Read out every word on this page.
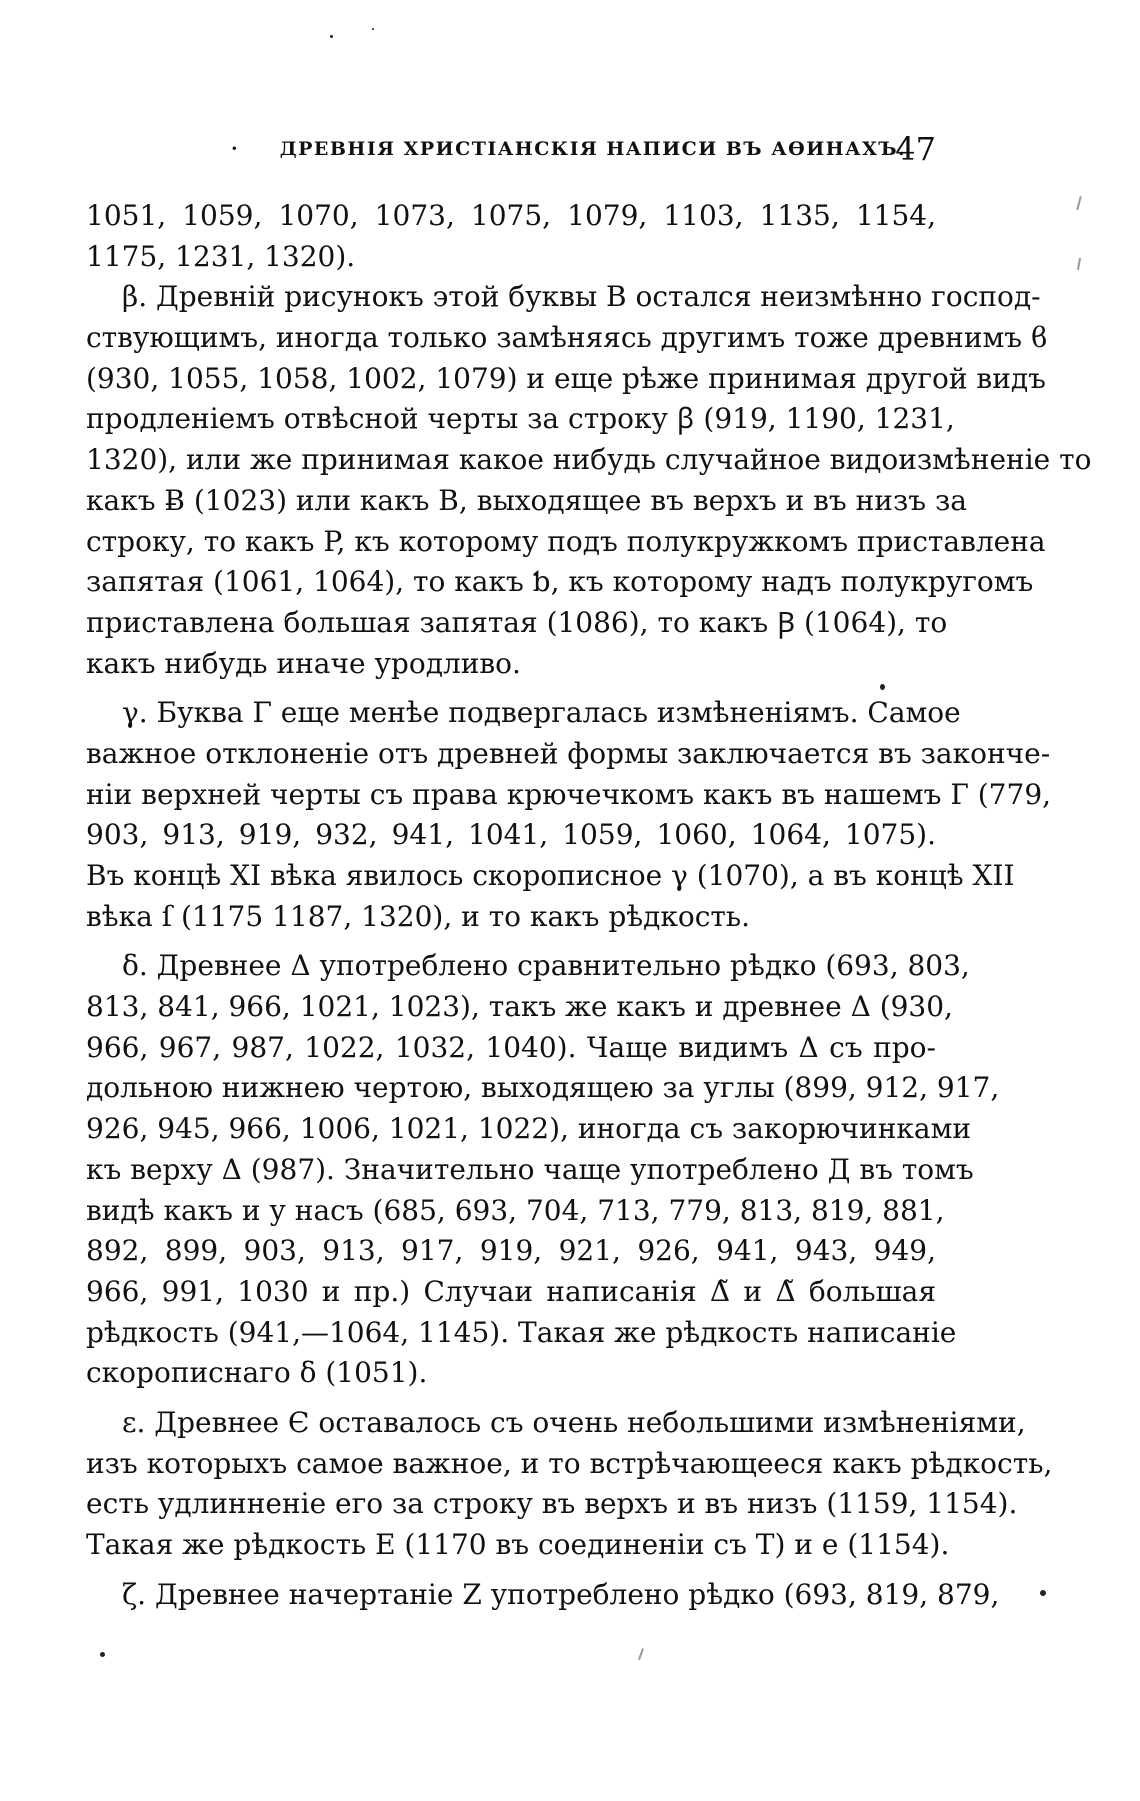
· ДРЕВНІЯ ХРИСТІАНСКІЯ НАПИСИ ВЪ АѲИНАХЪ.
47
1051, 1059, 1070, 1073, 1075, 1079, 1103, 1135, 1154,
1175, 1231, 1320).
β. Древній рисунокъ этой буквы B остался неизмѣнно господ-
ствующимъ, иногда только замѣняясь другимъ тоже древнимъ ϐ
(930, 1055, 1058, 1002, 1079) и еще рѣже принимая другой видъ
продленіемъ отвѣсной черты за строку ꞵ (919, 1190, 1231,
1320), или же принимая какое нибудь случайное видоизмѣненіе то
какъ Ƀ (1023) или какъ B, выходящее въ верхъ и въ низъ за
строку, то какъ P, къ которому подъ полукружкомъ приставлена
запятая (1061, 1064), то какъ ƅ, къ которому надъ полукругомъ
приставлена большая запятая (1086), то какъ Ꞵ (1064), то
какъ нибудь иначе уродливо.
γ. Буква Γ еще менѣе подвергалась измѣненіямъ. Самое
важное отклоненіе отъ древней формы заключается въ закончe-
ніи верхней черты съ права крючечкомъ какъ въ нашемъ Г (779,
903, 913, 919, 932, 941, 1041, 1059, 1060, 1064, 1075).
Въ концѣ XI вѣка явилось скорописное γ (1070), а въ концѣ XII
вѣка ſ (1175 1187, 1320), и то какъ рѣдкость.
δ. Древнее Δ употреблено сравнительно рѣдко (693, 803,
813, 841, 966, 1021, 1023), такъ же какъ и древнее Δ (930,
966, 967, 987, 1022, 1032, 1040). Чаще видимъ Δ съ про-
дольною нижнею чертою, выходящею за углы (899, 912, 917,
926, 945, 966, 1006, 1021, 1022), иногда съ закорючинками
къ верху Δ (987). Значительно чаще употреблено Д въ томъ
видѣ какъ и у насъ (685, 693, 704, 713, 779, 813, 819, 881,
892, 899, 903, 913, 917, 919, 921, 926, 941, 943, 949,
966, 991, 1030 и пр.) Случаи написанія Δ̃ и Δ̃ большая
рѣдкость (941,—1064, 1145). Такая же рѣдкость написаніе
скорописнаго δ (1051).
ε. Древнее Є оставалось съ очень небольшими измѣненіями,
изъ которыхъ самое важное, и то встрѣчающееся какъ рѣдкость,
есть удлинненіе его за строку въ верхъ и въ низъ (1159, 1154).
Такая же рѣдкость E (1170 въ соединеніи съ T) и e (1154).
ζ. Древнее начертаніе Z употреблено рѣдко (693, 819, 879,
